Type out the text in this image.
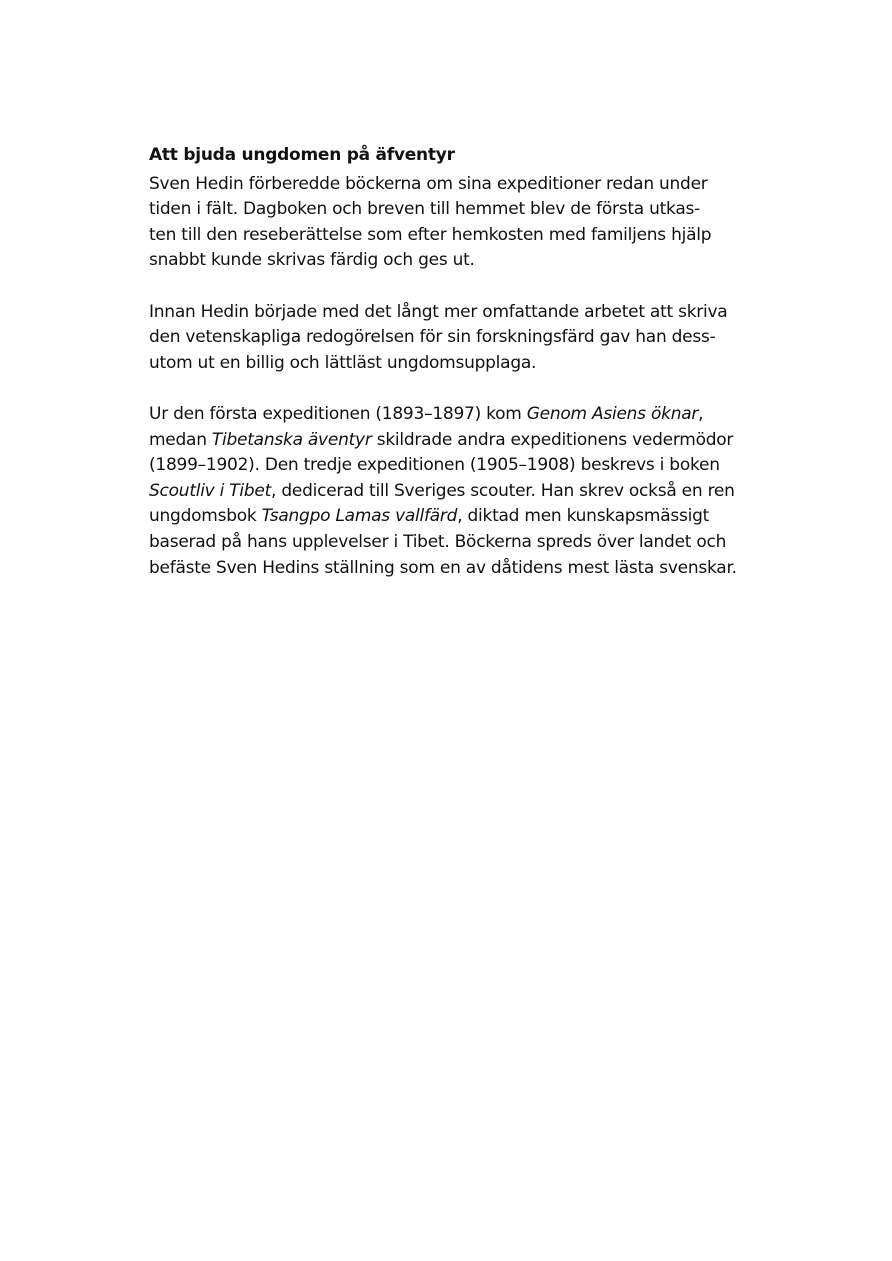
Att bjuda ungdomen på äfventyr
Sven Hedin förberedde böckerna om sina expeditioner redan under
tiden i fält. Dagboken och breven till hemmet blev de första utkas-
ten till den reseberättelse som efter hemkosten med familjens hjälp
snabbt kunde skrivas färdig och ges ut.
Innan Hedin började med det långt mer omfattande arbetet att skriva
den vetenskapliga redogörelsen för sin forskningsfärd gav han dess-
utom ut en billig och lättläst ungdomsupplaga.
Ur den första expeditionen (1893–1897) kom Genom Asiens öknar,
medan Tibetanska äventyr skildrade andra expeditionens vedermödor
(1899–1902). Den tredje expeditionen (1905–1908) beskrevs i boken
Scoutliv i Tibet, dedicerad till Sveriges scouter. Han skrev också en ren
ungdomsbok Tsangpo Lamas vallfärd, diktad men kunskapsmässigt
baserad på hans upplevelser i Tibet. Böckerna spreds över landet och
befäste Sven Hedins ställning som en av dåtidens mest lästa svenskar.
